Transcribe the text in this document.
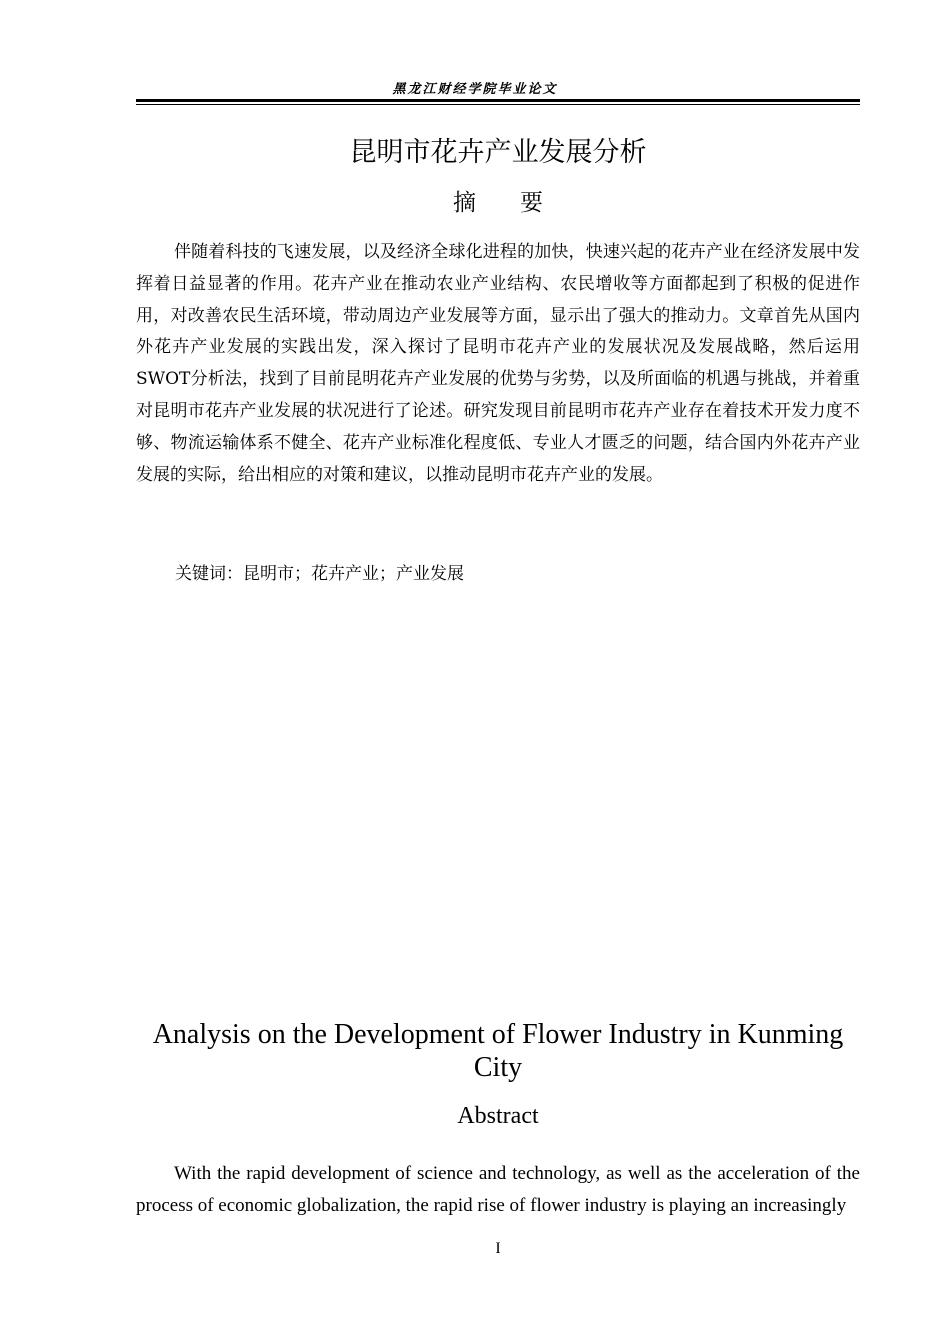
黑龙江财经学院毕业论文
昆明市花卉产业发展分析
摘要

伴随着科技的飞速发展，以及经济全球化进程的加快，快速兴起的花卉产业在经济发展中发挥着日益显著的作用。花卉产业在推动农业产业结构、农民增收等方面都起到了积极的促进作用，对改善农民生活环境，带动周边产业发展等方面，显示出了强大的推动力。文章首先从国内外花卉产业发展的实践出发，深入探讨了昆明市花卉产业的发展状况及发展战略，然后运用SWOT分析法，找到了目前昆明花卉产业发展的优势与劣势，以及所面临的机遇与挑战，并着重对昆明市花卉产业发展的状况进行了论述。研究发现目前昆明市花卉产业存在着技术开发力度不够、物流运输体系不健全、花卉产业标准化程度低、专业人才匮乏的问题，结合国内外花卉产业发展的实际，给出相应的对策和建议，以推动昆明市花卉产业的发展。

关键词：昆明市；花卉产业；产业发展
Analysis on the Development of Flower Industry in Kunming City
Abstract

With the rapid development of science and technology, as well as the acceleration of the process of economic globalization, the rapid rise of flower industry is playing an increasingly

I
